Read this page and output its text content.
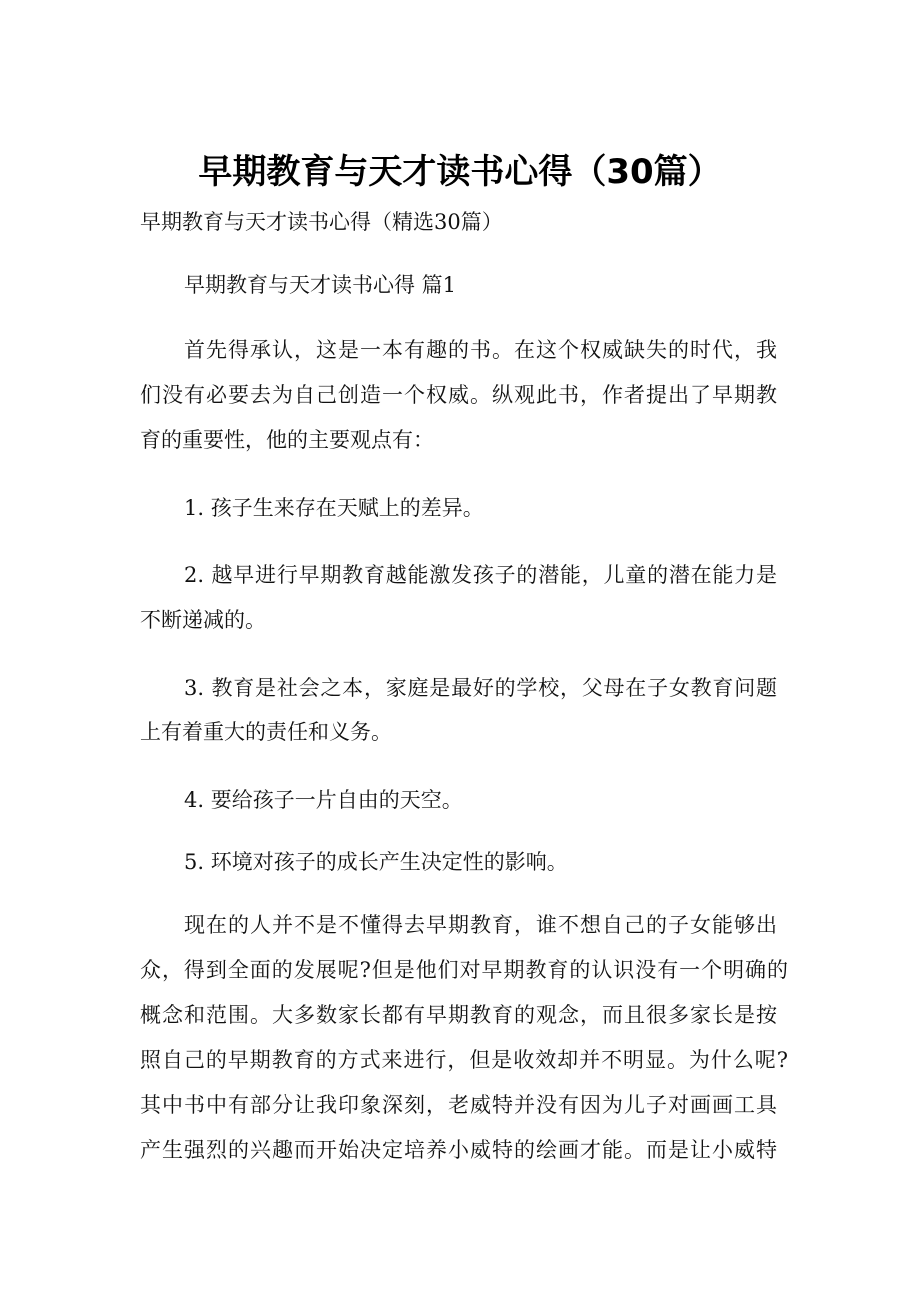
早期教育与天才读书心得（30篇）
早期教育与天才读书心得（精选30篇）
早期教育与天才读书心得 篇1
首先得承认，这是一本有趣的书。在这个权威缺失的时代，我
们没有必要去为自己创造一个权威。纵观此书，作者提出了早期教
育的重要性，他的主要观点有：
1. 孩子生来存在天赋上的差异。
2. 越早进行早期教育越能激发孩子的潜能，儿童的潜在能力是
不断递减的。
3. 教育是社会之本，家庭是最好的学校，父母在子女教育问题
上有着重大的责任和义务。
4. 要给孩子一片自由的天空。
5. 环境对孩子的成长产生决定性的影响。
现在的人并不是不懂得去早期教育，谁不想自己的子女能够出
众，得到全面的发展呢?但是他们对早期教育的认识没有一个明确的
概念和范围。大多数家长都有早期教育的观念，而且很多家长是按
照自己的早期教育的方式来进行，但是收效却并不明显。为什么呢?
其中书中有部分让我印象深刻，老威特并没有因为儿子对画画工具
产生强烈的兴趣而开始决定培养小威特的绘画才能。而是让小威特
